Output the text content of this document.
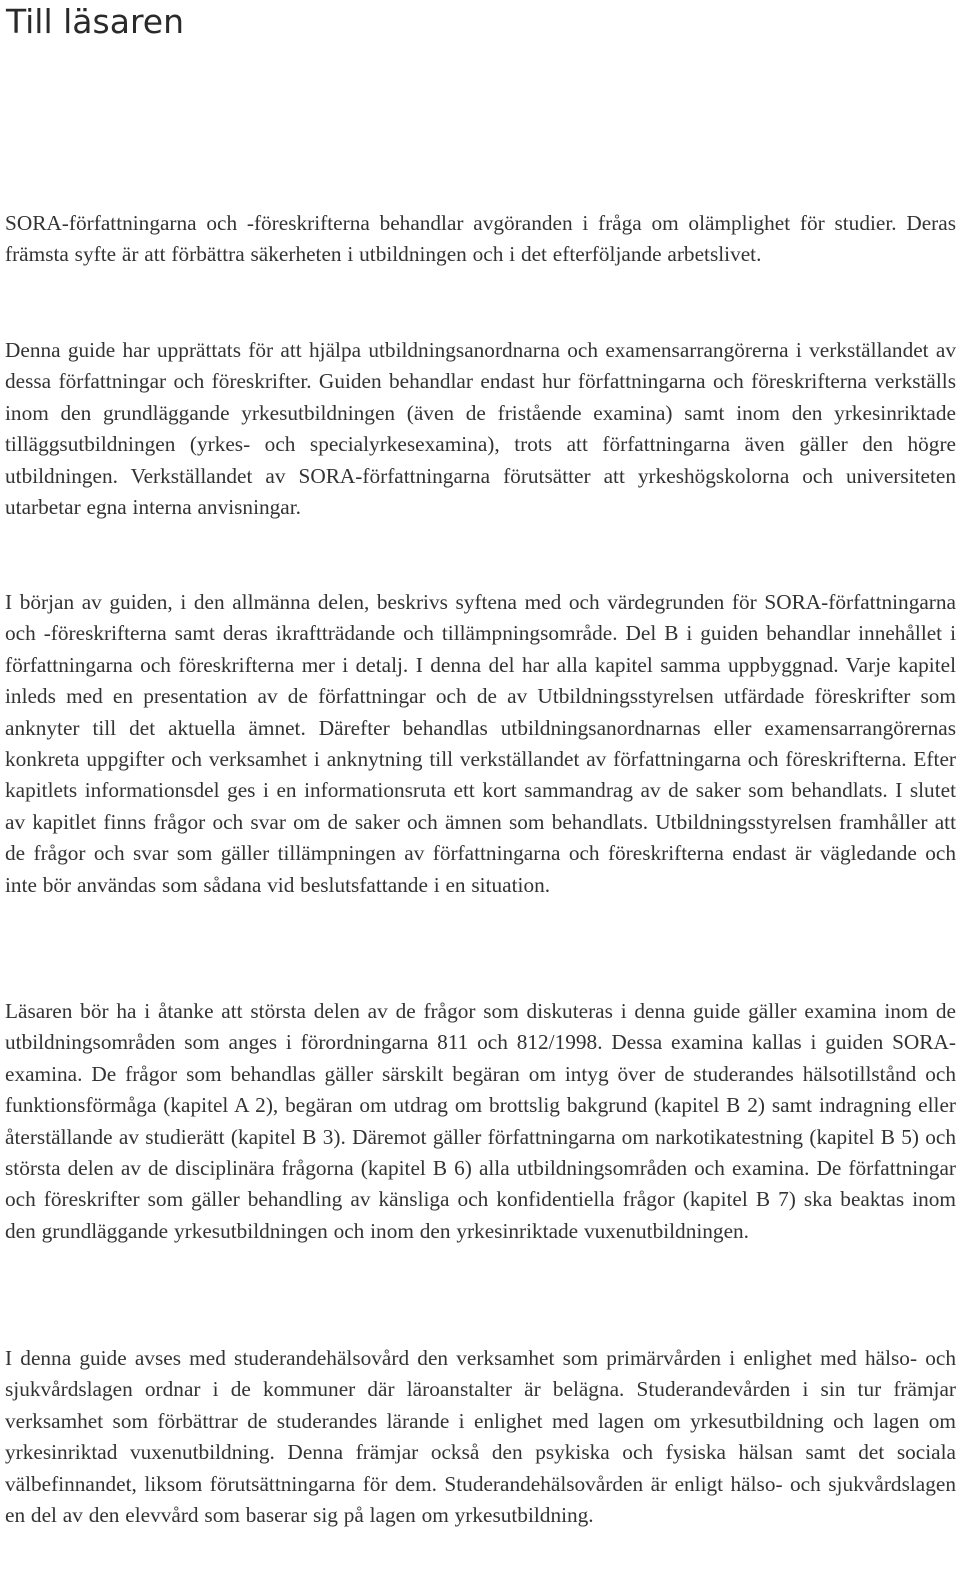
Till läsaren

SORA-författningarna och -föreskrifterna behandlar avgöranden i fråga om olämplighet för studier. Deras främsta syfte är att förbättra säkerheten i utbildningen och i det efterföljande arbetslivet.

Denna guide har upprättats för att hjälpa utbildningsanordnarna och examensarrangörerna i verkställandet av dessa författningar och föreskrifter. Guiden behandlar endast hur författningarna och föreskrifterna verkställs inom den grundläggande yrkesutbildningen (även de fristående examina) samt inom den yrkesinriktade tilläggsutbildningen (yrkes- och specialyrkesexamina), trots att författningarna även gäller den högre utbildningen. Verkställandet av SORA-författningarna förutsätter att yrkeshögskolorna och universiteten utarbetar egna interna anvisningar.

I början av guiden, i den allmänna delen, beskrivs syftena med och värdegrunden för SORA-författningarna och -föreskrifterna samt deras ikraftträdande och tillämpningsområde. Del B i guiden behandlar innehållet i författningarna och föreskrifterna mer i detalj. I denna del har alla kapitel samma uppbyggnad. Varje kapitel inleds med en presentation av de författningar och de av Utbildningsstyrelsen utfärdade föreskrifter som anknyter till det aktuella ämnet. Därefter behandlas utbildningsanordnarnas eller examensarrangörernas konkreta uppgifter och verksamhet i anknytning till verkställandet av författningarna och föreskrifterna. Efter kapitlets informationsdel ges i en informationsruta ett kort sammandrag av de saker som behandlats. I slutet av kapitlet finns frågor och svar om de saker och ämnen som behandlats. Utbildningsstyrelsen framhåller att de frågor och svar som gäller tillämpningen av författningarna och föreskrifterna endast är vägledande och inte bör användas som sådana vid beslutsfattande i en situation.

Läsaren bör ha i åtanke att största delen av de frågor som diskuteras i denna guide gäller examina inom de utbildningsområden som anges i förordningarna 811 och 812/1998. Dessa examina kallas i guiden SORA-examina. De frågor som behandlas gäller särskilt begäran om intyg över de studerandes hälsotillstånd och funktionsförmåga (kapitel A 2), begäran om utdrag om brottslig bakgrund (kapitel B 2) samt indragning eller återställande av studierätt (kapitel B 3). Däremot gäller författningarna om narkotikatestning (kapitel B 5) och största delen av de disciplinära frågorna (kapitel B 6) alla utbildningsområden och examina. De författningar och föreskrifter som gäller behandling av känsliga och konfidentiella frågor (kapitel B 7) ska beaktas inom den grundläggande yrkesutbildningen och inom den yrkesinriktade vuxenutbildningen.

I denna guide avses med studerandehälsovård den verksamhet som primärvården i enlighet med hälso- och sjukvårdslagen ordnar i de kommuner där läroanstalter är belägna. Studerandevården i sin tur främjar verksamhet som förbättrar de studerandes lärande i enlighet med lagen om yrkesutbildning och lagen om yrkesinriktad vuxenutbildning. Denna främjar också den psykiska och fysiska hälsan samt det sociala välbefinnandet, liksom förutsättningarna för dem. Studerandehälsovården är enligt hälso- och sjukvårdslagen en del av den elevvård som baserar sig på lagen om yrkesutbildning.
